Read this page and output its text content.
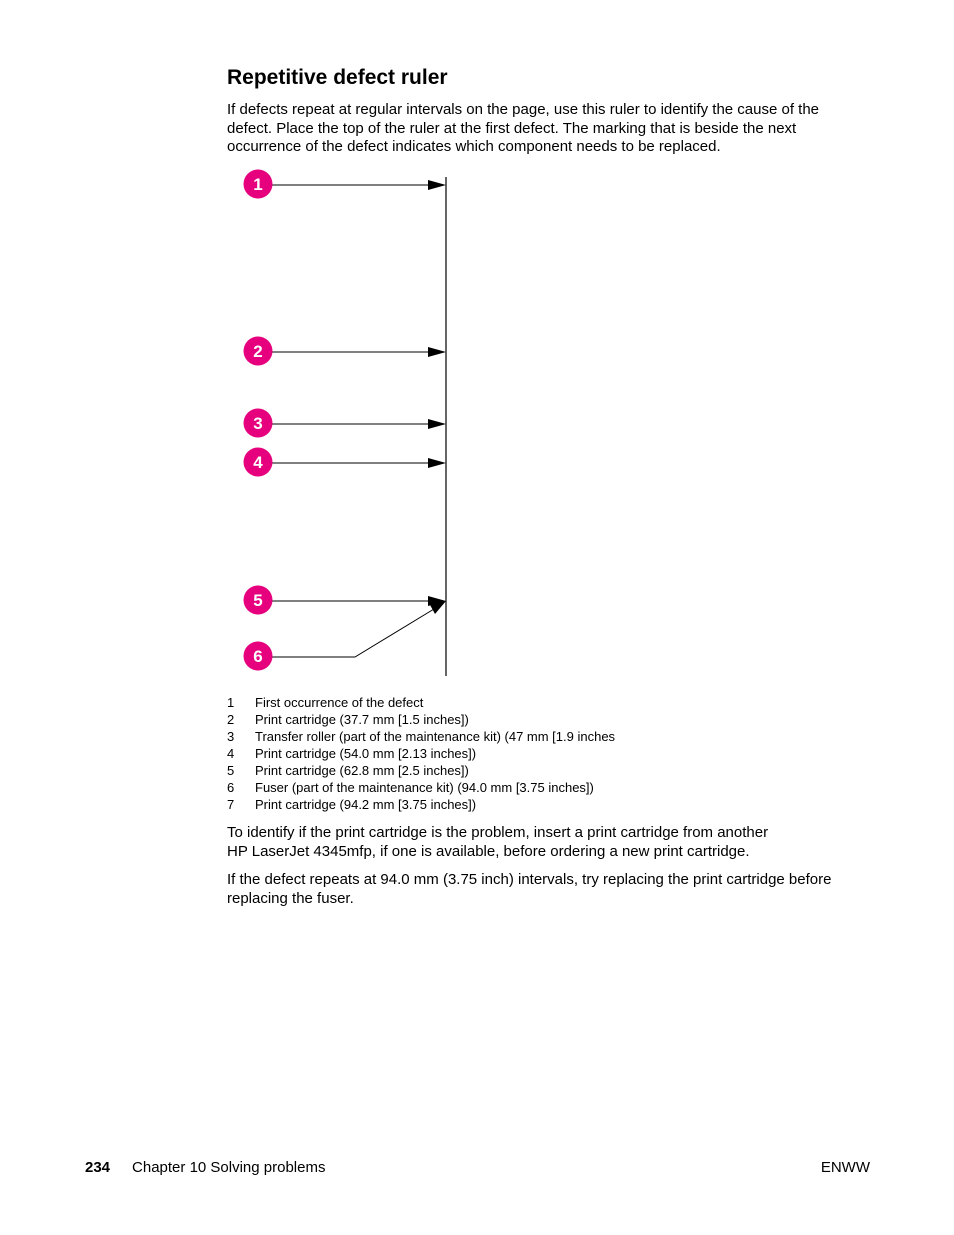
Repetitive defect ruler

If defects repeat at regular intervals on the page, use this ruler to identify the cause of the defect. Place the top of the ruler at the first defect. The marking that is beside the next occurrence of the defect indicates which component needs to be replaced.

1
2
3
4
5
6
1 First occurrence of the defect
2 Print cartridge (37.7 mm [1.5 inches])
3 Transfer roller (part of the maintenance kit) (47 mm [1.9 inches
4 Print cartridge (54.0 mm [2.13 inches])
5 Print cartridge (62.8 mm [2.5 inches])
6 Fuser (part of the maintenance kit) (94.0 mm [3.75 inches])
7 Print cartridge (94.2 mm [3.75 inches])

To identify if the print cartridge is the problem, insert a print cartridge from another
HP LaserJet 4345mfp, if one is available, before ordering a new print cartridge.

If the defect repeats at 94.0 mm (3.75 inch) intervals, try replacing the print cartridge before replacing the fuser.

234 Chapter 10 Solving problems	ENWW
